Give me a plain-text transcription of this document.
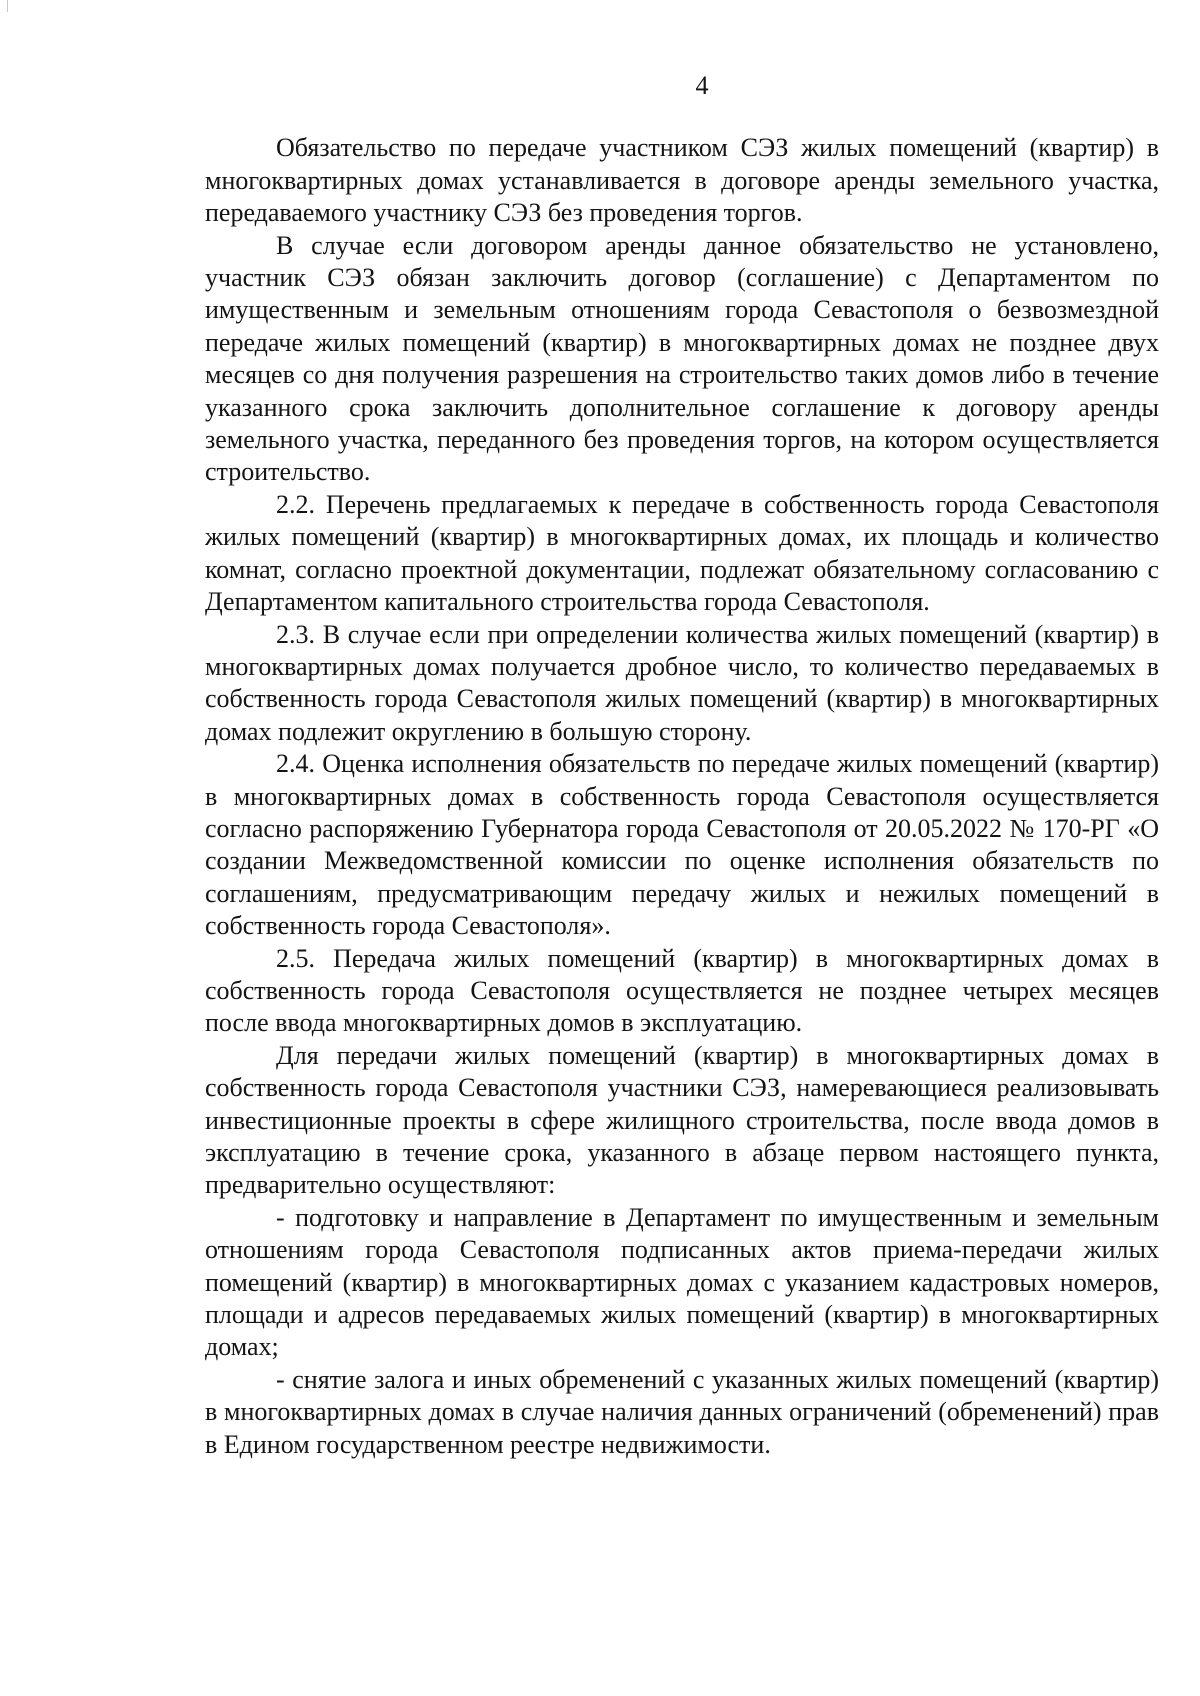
4

Обязательство по передаче участником СЭЗ жилых помещений (квартир) в многоквартирных домах устанавливается в договоре аренды земельного участка, передаваемого участнику СЭЗ без проведения торгов.

В случае если договором аренды данное обязательство не установлено, участник СЭЗ обязан заключить договор (соглашение) с Департаментом по имущественным и земельным отношениям города Севастополя о безвозмездной передаче жилых помещений (квартир) в многоквартирных домах не позднее двух месяцев со дня получения разрешения на строительство таких домов либо в течение указанного срока заключить дополнительное соглашение к договору аренды земельного участка, переданного без проведения торгов, на котором осуществляется строительство.

2.2. Перечень предлагаемых к передаче в собственность города Севастополя жилых помещений (квартир) в многоквартирных домах, их площадь и количество комнат, согласно проектной документации, подлежат обязательному согласованию с Департаментом капитального строительства города Севастополя.

2.3. В случае если при определении количества жилых помещений (квартир) в многоквартирных домах получается дробное число, то количество передаваемых в собственность города Севастополя жилых помещений (квартир) в многоквартирных домах подлежит округлению в большую сторону.

2.4. Оценка исполнения обязательств по передаче жилых помещений (квартир) в многоквартирных домах в собственность города Севастополя осуществляется согласно распоряжению Губернатора города Севастополя от 20.05.2022 № 170-РГ «О создании Межведомственной комиссии по оценке исполнения обязательств по соглашениям, предусматривающим передачу жилых и нежилых помещений в собственность города Севастополя».

2.5. Передача жилых помещений (квартир) в многоквартирных домах в собственность города Севастополя осуществляется не позднее четырех месяцев после ввода многоквартирных домов в эксплуатацию.

Для передачи жилых помещений (квартир) в многоквартирных домах в собственность города Севастополя участники СЭЗ, намеревающиеся реализовывать инвестиционные проекты в сфере жилищного строительства, после ввода домов в эксплуатацию в течение срока, указанного в абзаце первом настоящего пункта, предварительно осуществляют:

- подготовку и направление в Департамент по имущественным и земельным отношениям города Севастополя подписанных актов приема-передачи жилых помещений (квартир) в многоквартирных домах с указанием кадастровых номеров, площади и адресов передаваемых жилых помещений (квартир) в многоквартирных домах;

- снятие залога и иных обременений с указанных жилых помещений (квартир) в многоквартирных домах в случае наличия данных ограничений (обременений) прав в Едином государственном реестре недвижимости.
